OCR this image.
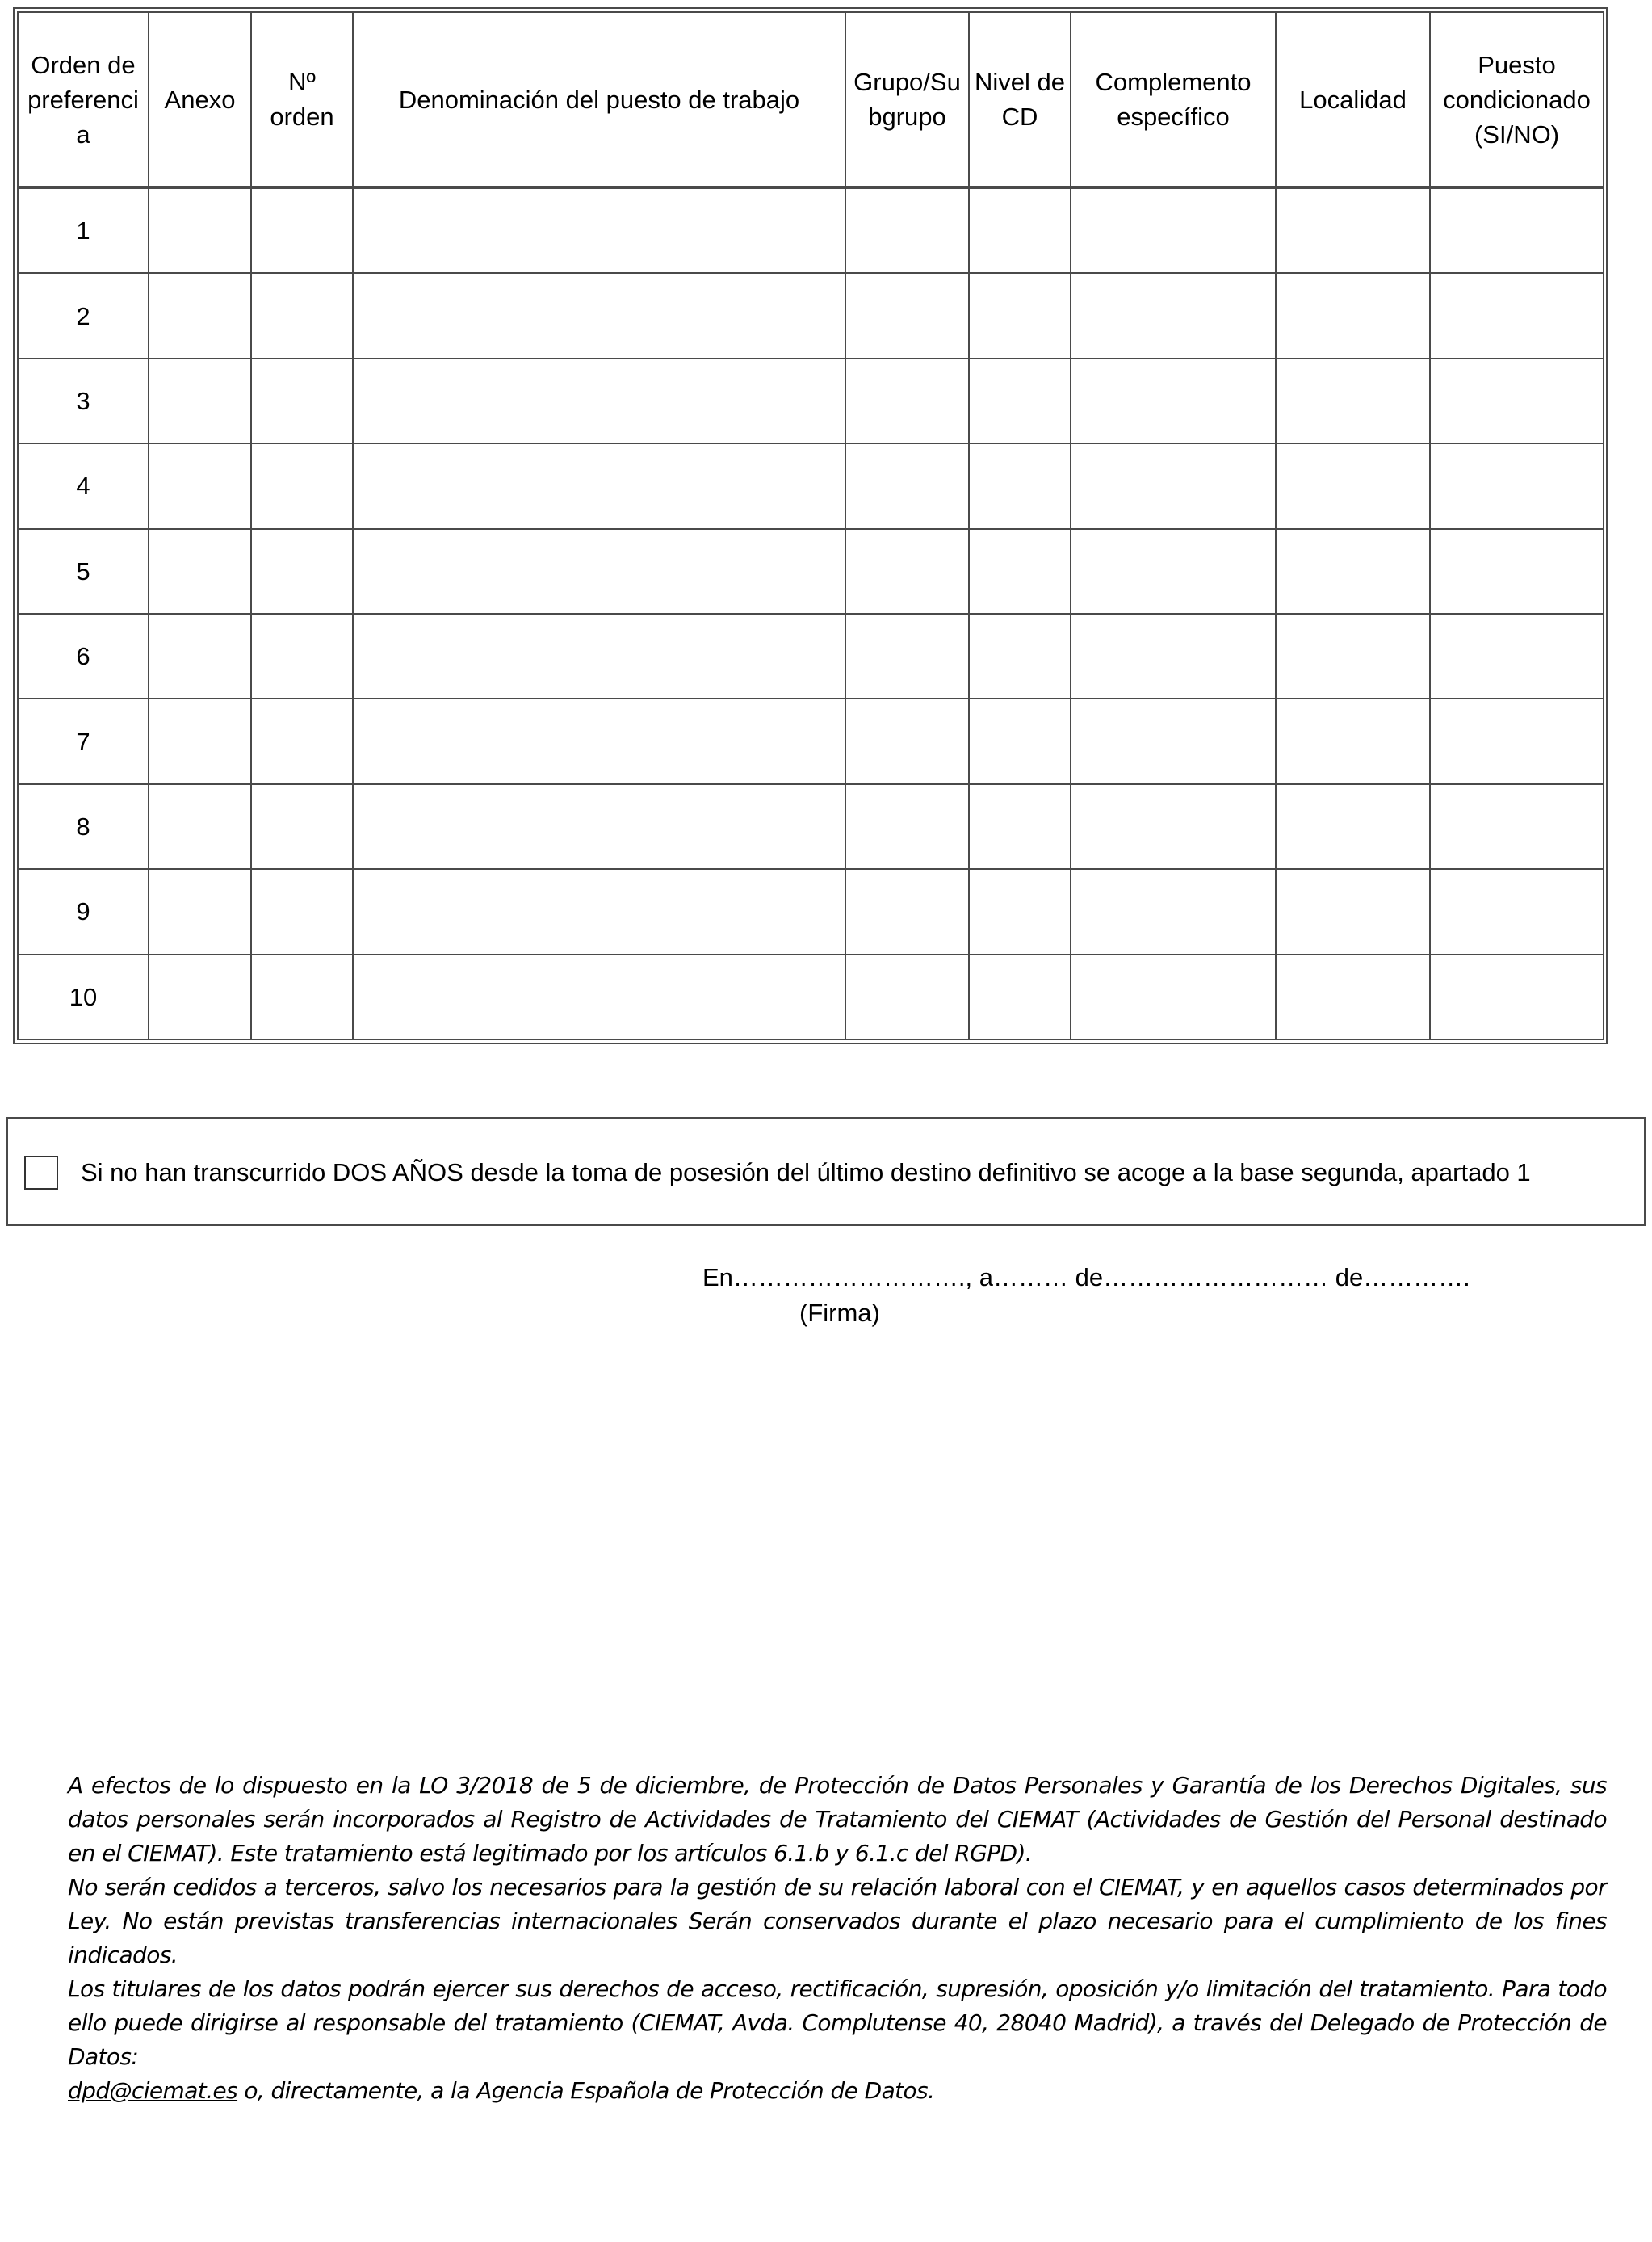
Orden de preferencia	Anexo	Nº orden	Denominación del puesto de trabajo	Grupo/Subgrupo	Nivel de CD	Complemento específico	Localidad	Puesto condicionado (SI/NO)
1								
2								
3								
4								
5								
6								
7								
8								
9								
10								
Si no han transcurrido DOS AÑOS desde la toma de posesión del último destino definitivo se acoge a la base segunda, apartado 1
En………………………., a……… de……………………… de………….
(Firma)

A efectos de lo dispuesto en la LO 3/2018 de 5 de diciembre, de Protección de Datos Personales y Garantía de los Derechos Digitales, sus datos personales serán incorporados al Registro de Actividades de Tratamiento del CIEMAT (Actividades de Gestión del Personal destinado en el CIEMAT). Este tratamiento está legitimado por los artículos 6.1.b y 6.1.c del RGPD).

No serán cedidos a terceros, salvo los necesarios para la gestión de su relación laboral con el CIEMAT, y en aquellos casos determinados por Ley. No están previstas transferencias internacionales Serán conservados durante el plazo necesario para el cumplimiento de los fines indicados.

Los titulares de los datos podrán ejercer sus derechos de acceso, rectificación, supresión, oposición y/o limitación del tratamiento. Para todo ello puede dirigirse al responsable del tratamiento (CIEMAT, Avda. Complutense 40, 28040 Madrid), a través del Delegado de Protección de Datos:
dpd@ciemat.es o, directamente, a la Agencia Española de Protección de Datos.
